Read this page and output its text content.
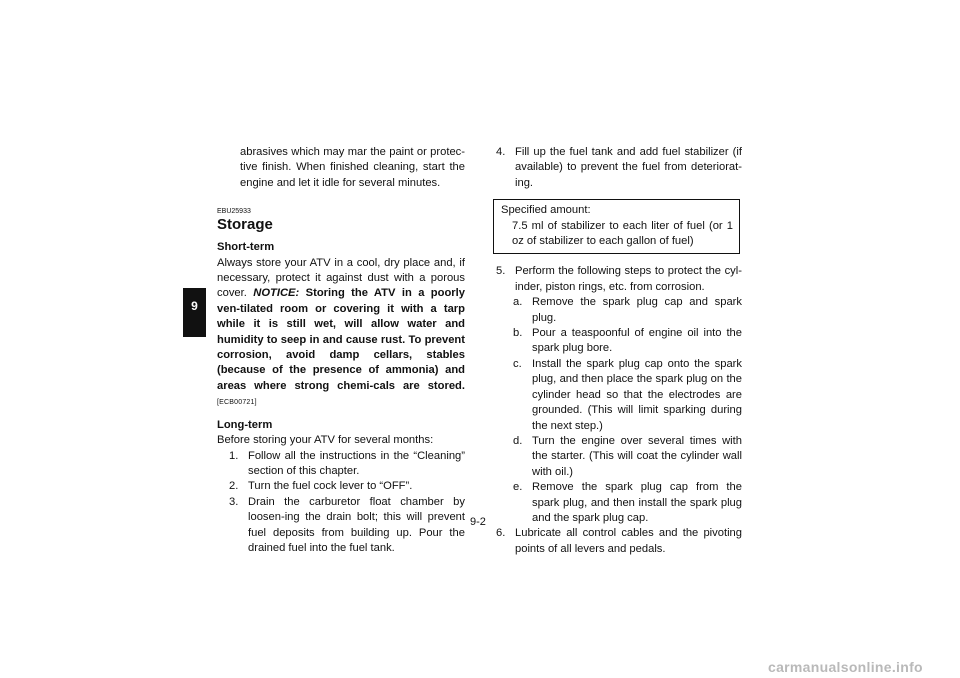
9
abrasives which may mar the paint or protec-tive finish. When finished cleaning, start the engine and let it idle for several minutes.
EBU25933
Storage
Short-term
Always store your ATV in a cool, dry place and, if necessary, protect it against dust with a porous cover. NOTICE: Storing the ATV in a poorly ven-tilated room or covering it with a tarp while it is still wet, will allow water and humidity to seep in and cause rust. To prevent corrosion, avoid damp cellars, stables (because of the presence of ammonia) and areas where strong chemi-cals are stored. [ECB00721]
Long-term
Before storing your ATV for several months:

1. Follow all the instructions in the “Cleaning” section of this chapter.

2. Turn the fuel cock lever to “OFF”.

3. Drain the carburetor float chamber by loosen-ing the drain bolt; this will prevent fuel deposits from building up. Pour the drained fuel into the fuel tank.

4. Fill up the fuel tank and add fuel stabilizer (if available) to prevent the fuel from deteriorat-ing.

Specified amount:
7.5 ml of stabilizer to each liter of fuel (or 1 oz of stabilizer to each gallon of fuel)

5. Perform the following steps to protect the cyl-inder, piston rings, etc. from corrosion.

a. Remove the spark plug cap and spark plug.

b. Pour a teaspoonful of engine oil into the spark plug bore.

c. Install the spark plug cap onto the spark plug, and then place the spark plug on the cylinder head so that the electrodes are grounded. (This will limit sparking during the next step.)

d. Turn the engine over several times with the starter. (This will coat the cylinder wall with oil.)

e. Remove the spark plug cap from the spark plug, and then install the spark plug and the spark plug cap.

6. Lubricate all control cables and the pivoting points of all levers and pedals.

9-2
carmanualsonline.info
